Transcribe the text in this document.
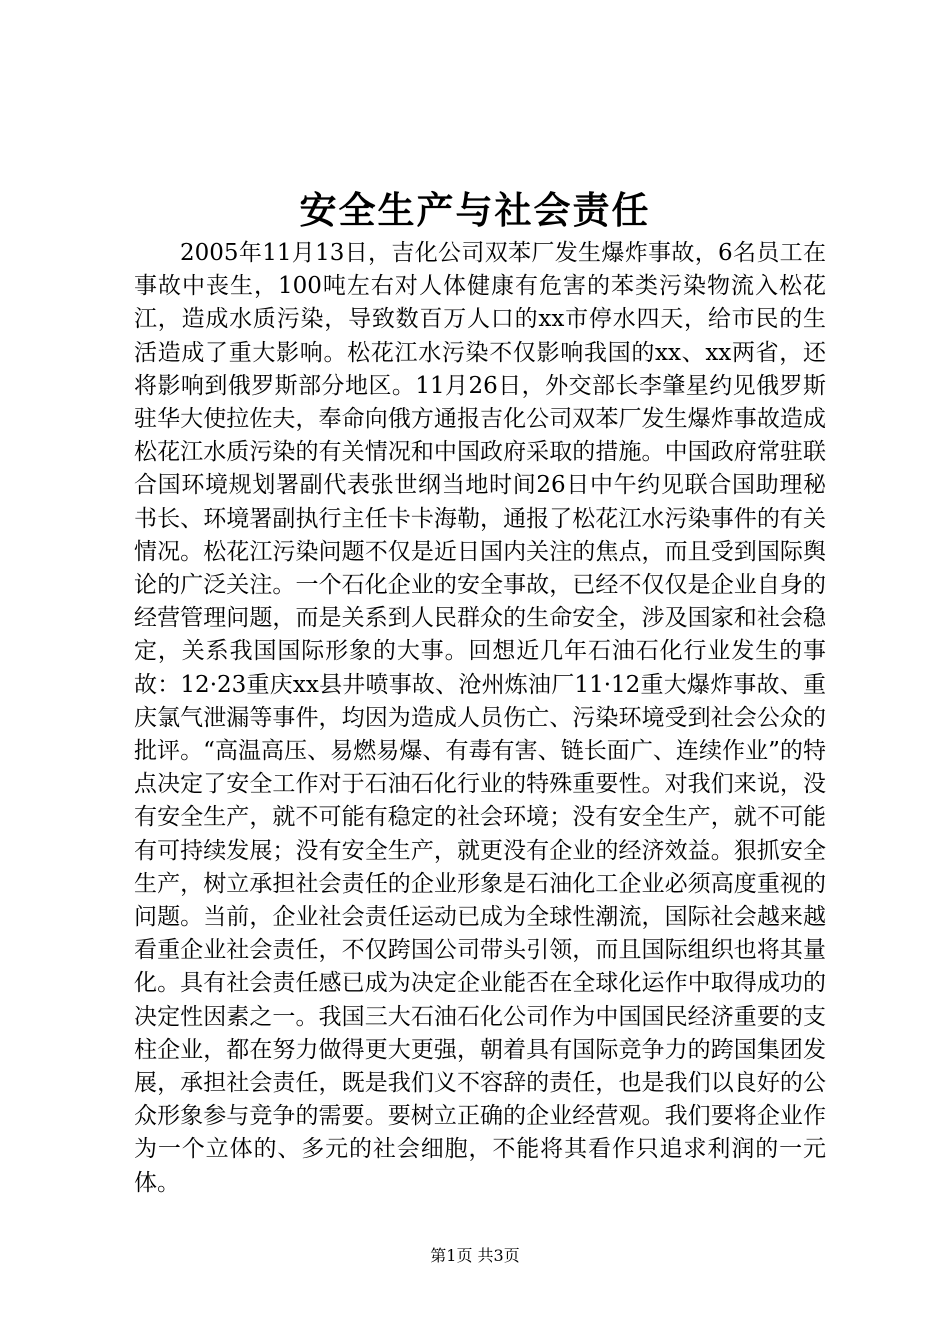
安全生产与社会责任

2005年11月13日，吉化公司双苯厂发生爆炸事故，6名员工在事故中丧生，100吨左右对人体健康有危害的苯类污染物流入松花江，造成水质污染，导致数百万人口的xx市停水四天，给市民的生活造成了重大影响。松花江水污染不仅影响我国的xx、xx两省，还将影响到俄罗斯部分地区。11月26日，外交部长李肇星约见俄罗斯驻华大使拉佐夫，奉命向俄方通报吉化公司双苯厂发生爆炸事故造成松花江水质污染的有关情况和中国政府采取的措施。中国政府常驻联合国环境规划署副代表张世纲当地时间26日中午约见联合国助理秘书长、环境署副执行主任卡卡海勒，通报了松花江水污染事件的有关情况。松花江污染问题不仅是近日国内关注的焦点，而且受到国际舆论的广泛关注。一个石化企业的安全事故，已经不仅仅是企业自身的经营管理问题，而是关系到人民群众的生命安全，涉及国家和社会稳定，关系我国国际形象的大事。回想近几年石油石化行业发生的事故：12·23重庆xx县井喷事故、沧州炼油厂11·12重大爆炸事故、重庆氯气泄漏等事件，均因为造成人员伤亡、污染环境受到社会公众的批评。“高温高压、易燃易爆、有毒有害、链长面广、连续作业”的特点决定了安全工作对于石油石化行业的特殊重要性。对我们来说，没有安全生产，就不可能有稳定的社会环境；没有安全生产，就不可能有可持续发展；没有安全生产，就更没有企业的经济效益。狠抓安全生产，树立承担社会责任的企业形象是石油化工企业必须高度重视的问题。当前，企业社会责任运动已成为全球性潮流，国际社会越来越看重企业社会责任，不仅跨国公司带头引领，而且国际组织也将其量化。具有社会责任感已成为决定企业能否在全球化运作中取得成功的决定性因素之一。我国三大石油石化公司作为中国国民经济重要的支柱企业，都在努力做得更大更强，朝着具有国际竞争力的跨国集团发展，承担社会责任，既是我们义不容辞的责任，也是我们以良好的公众形象参与竞争的需要。要树立正确的企业经营观。我们要将企业作为一个立体的、多元的社会细胞，不能将其看作只追求利润的一元体。

第1页 共3页
